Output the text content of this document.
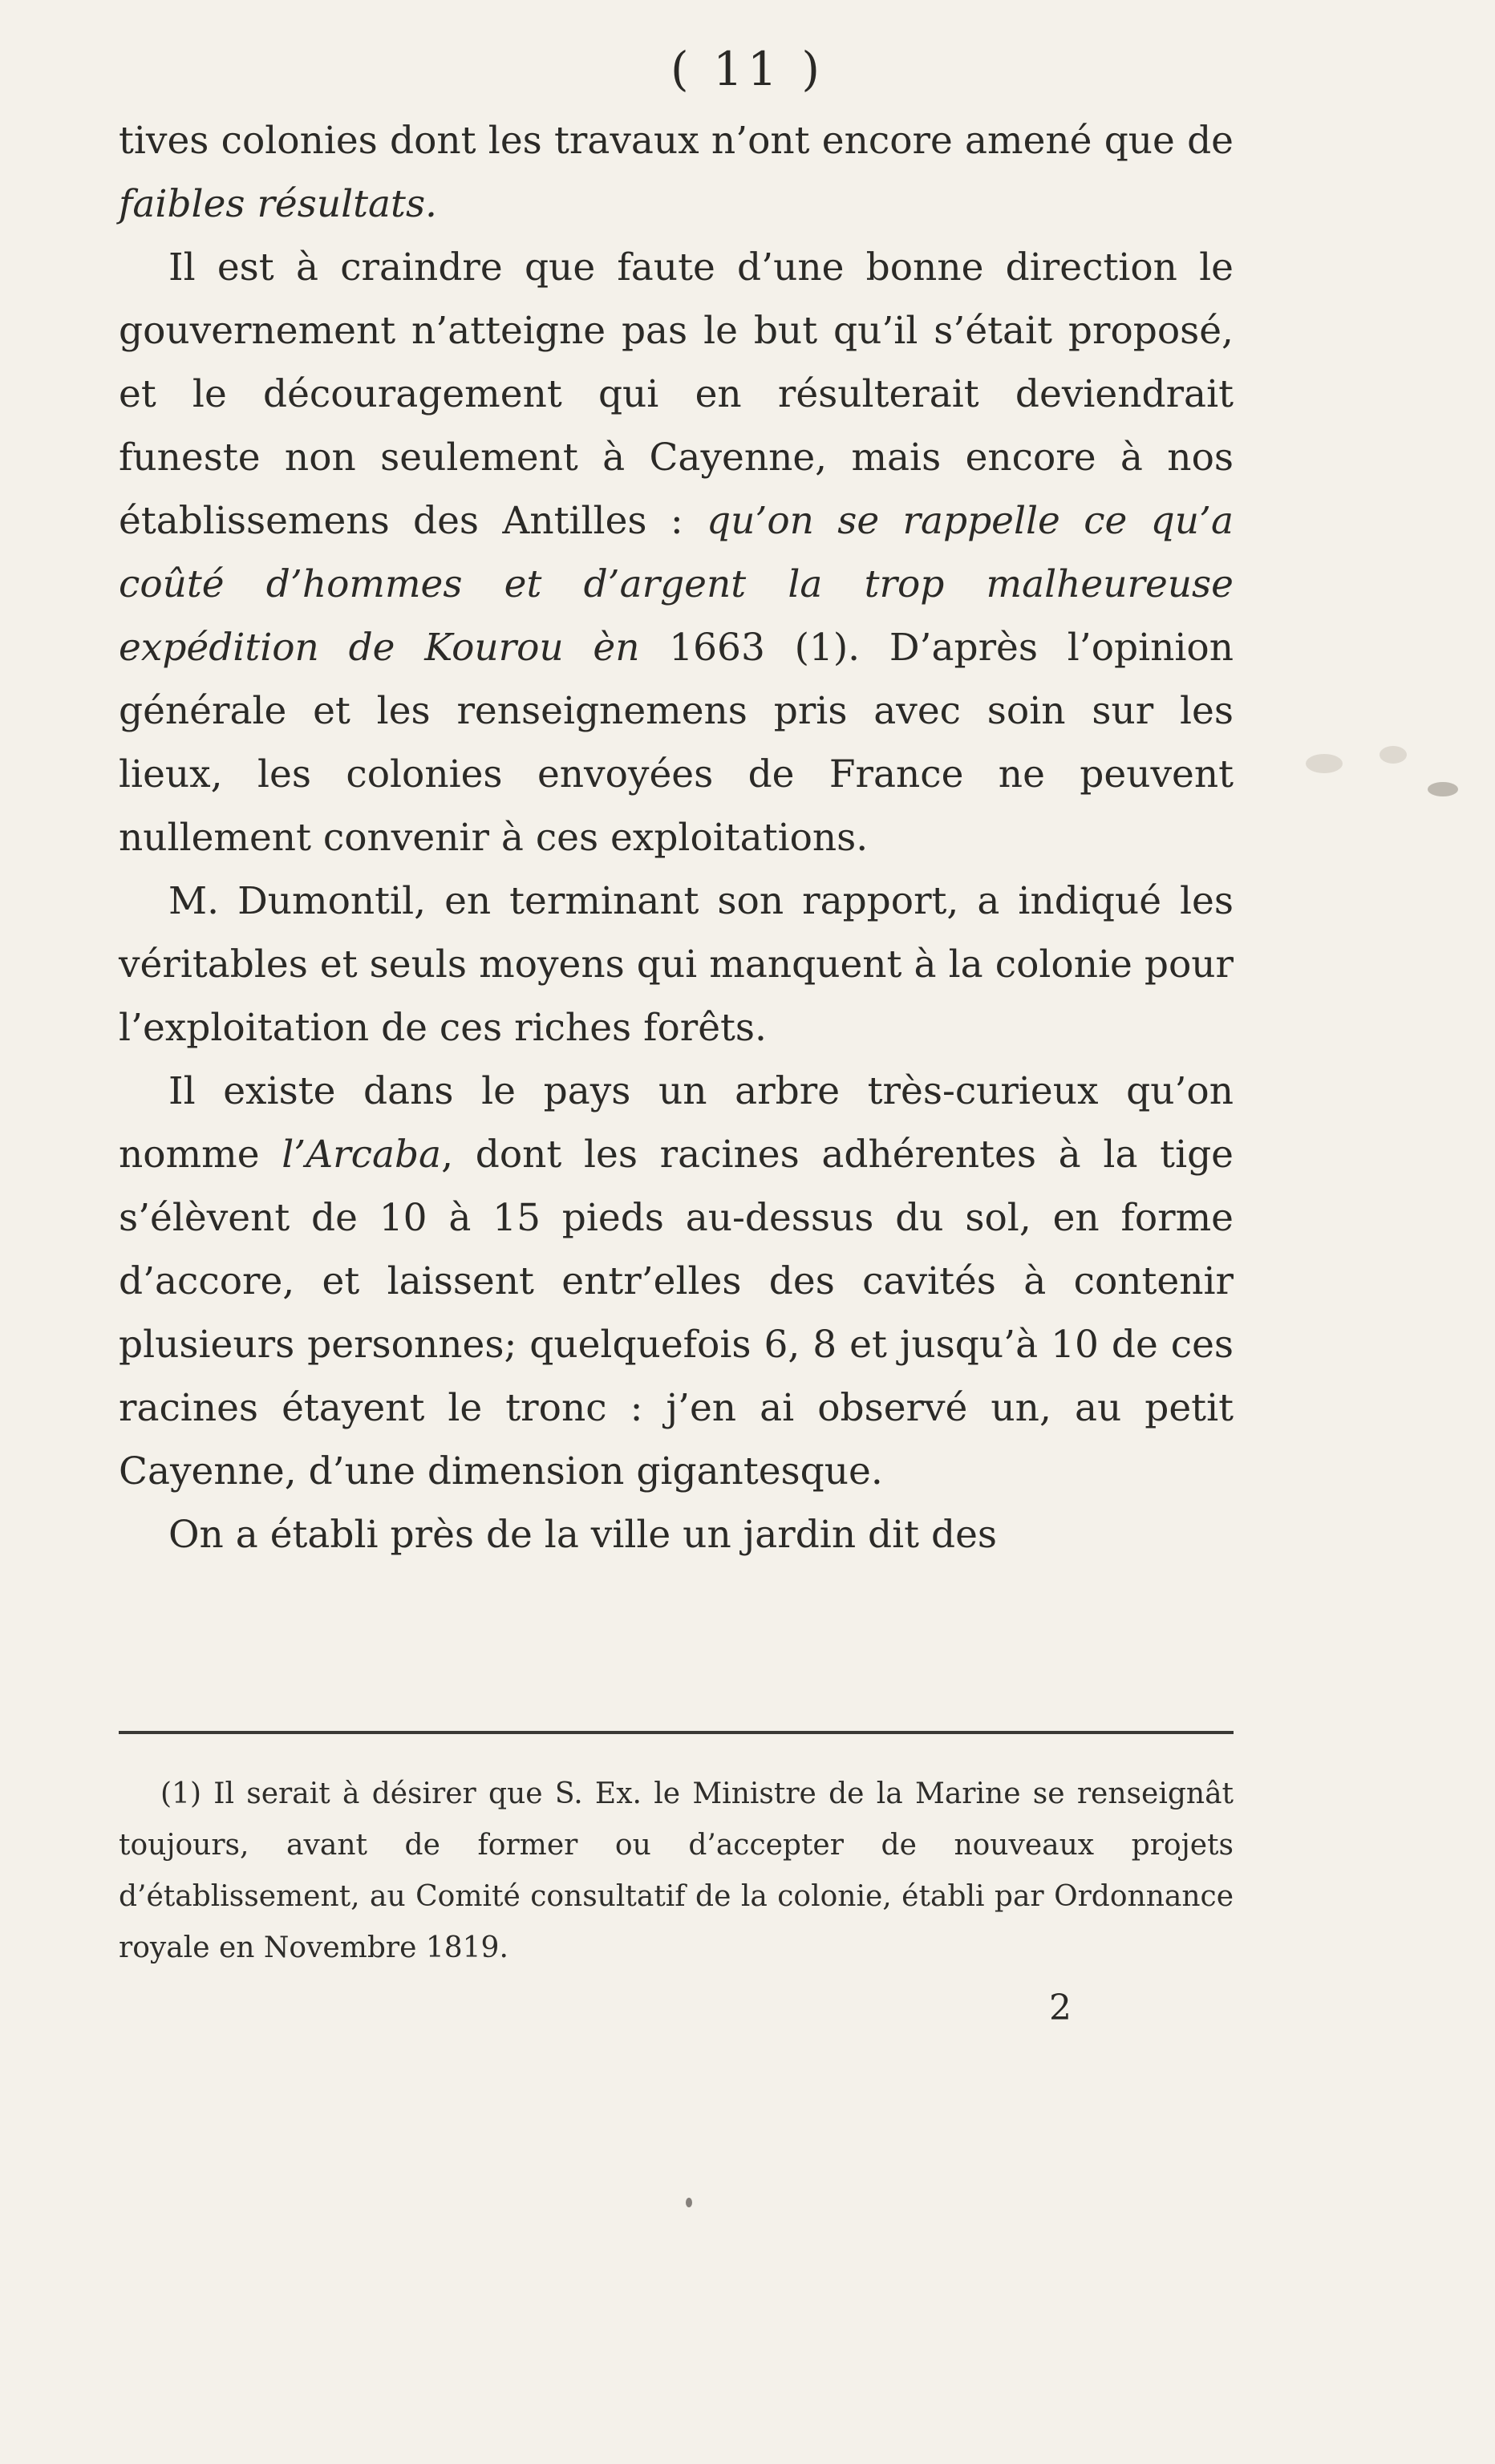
( 11 )

tives colonies dont les travaux n’ont encore amené que de faibles résultats.

Il est à craindre que faute d’une bonne direction le gouvernement n’atteigne pas le but qu’il s’était proposé, et le découragement qui en résulterait deviendrait funeste non seulement à Cayenne, mais encore à nos établissemens des Antilles : qu’on se rappelle ce qu’a coûté d’hommes et d’argent la trop malheureuse expédition de Kourou èn 1663 (1). D’après l’opinion générale et les renseignemens pris avec soin sur les lieux, les colonies envoyées de France ne peuvent nullement convenir à ces exploitations.

M. Dumontil, en terminant son rapport, a indiqué les véritables et seuls moyens qui manquent à la colonie pour l’exploitation de ces riches forêts.

Il existe dans le pays un arbre très-curieux qu’on nomme l’Arcaba, dont les racines adhérentes à la tige s’élèvent de 10 à 15 pieds au-dessus du sol, en forme d’accore, et laissent entr’elles des cavités à contenir plusieurs personnes; quelquefois 6, 8 et jusqu’à 10 de ces racines étayent le tronc : j’en ai observé un, au petit Cayenne, d’une dimension gigantesque.

On a établi près de la ville un jardin dit des

(1) Il serait à désirer que S. Ex. le Ministre de la Marine se renseignât toujours, avant de former ou d’accepter de nouveaux projets d’établissement, au Comité consultatif de la colonie, établi par Ordonnance royale en Novembre 1819.
2
